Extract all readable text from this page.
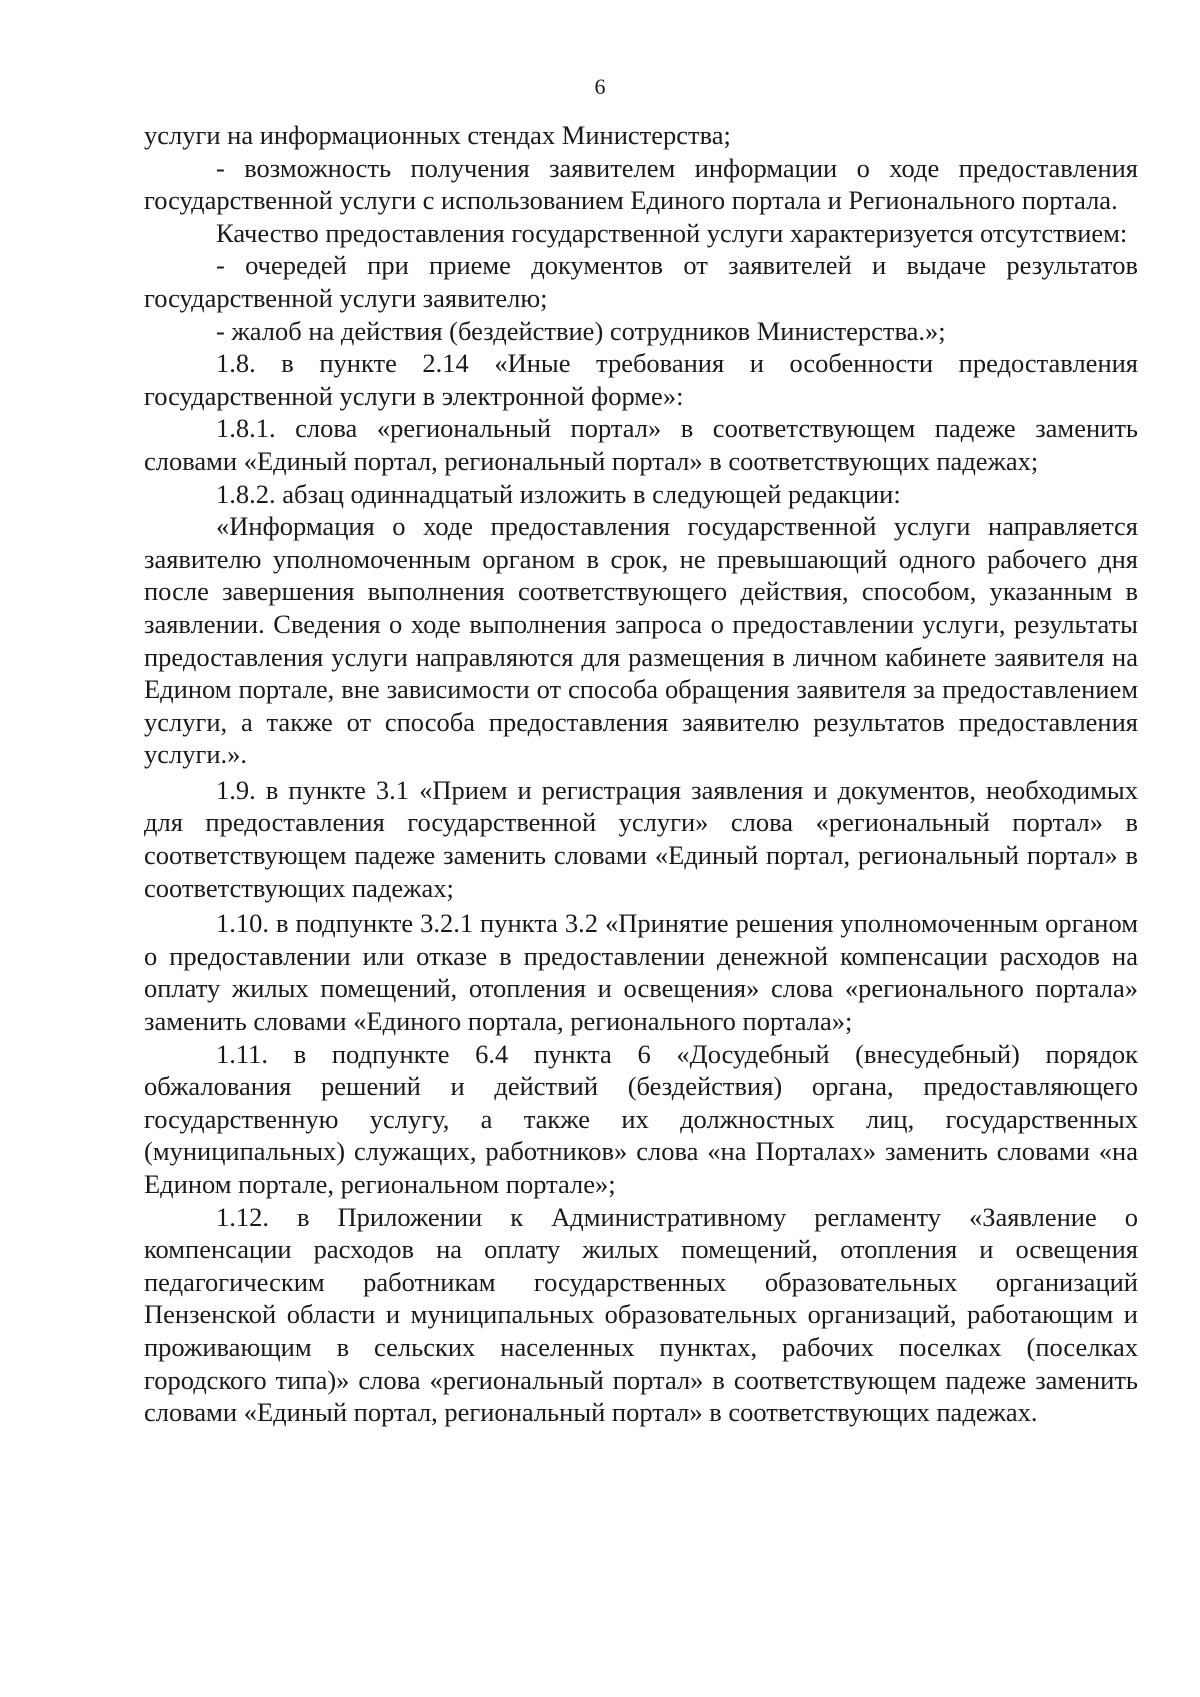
6

услуги на информационных стендах Министерства;

- возможность получения заявителем информации о ходе предоставления государственной услуги с использованием Единого портала и Регионального портала.

Качество предоставления государственной услуги характеризуется отсутствием:

- очередей при приеме документов от заявителей и выдаче результатов государственной услуги заявителю;

- жалоб на действия (бездействие) сотрудников Министерства.»;

1.8. в пункте 2.14 «Иные требования и особенности предоставления государственной услуги в электронной форме»:

1.8.1. слова «региональный портал» в соответствующем падеже заменить словами «Единый портал, региональный портал» в соответствующих падежах;

1.8.2. абзац одиннадцатый изложить в следующей редакции:

«Информация о ходе предоставления государственной услуги направляется заявителю уполномоченным органом в срок, не превышающий одного рабочего дня после завершения выполнения соответствующего действия, способом, указанным в заявлении. Сведения о ходе выполнения запроса о предоставлении услуги, результаты предоставления услуги направляются для размещения в личном кабинете заявителя на Едином портале, вне зависимости от способа обращения заявителя за предоставлением услуги, а также от способа предоставления заявителю результатов предоставления услуги.».

1.9. в пункте 3.1 «Прием и регистрация заявления и документов, необходимых для предоставления государственной услуги» слова «региональный портал» в соответствующем падеже заменить словами «Единый портал, региональный портал» в соответствующих падежах;

1.10. в подпункте 3.2.1 пункта 3.2 «Принятие решения уполномоченным органом о предоставлении или отказе в предоставлении денежной компенсации расходов на оплату жилых помещений, отопления и освещения» слова «регионального портала» заменить словами «Единого портала, регионального портала»;

1.11. в подпункте 6.4 пункта 6 «Досудебный (внесудебный) порядок обжалования решений и действий (бездействия) органа, предоставляющего государственную услугу, а также их должностных лиц, государственных (муниципальных) служащих, работников» слова «на Порталах» заменить словами «на Едином портале, региональном портале»;

1.12. в Приложении к Административному регламенту «Заявление о компенсации расходов на оплату жилых помещений, отопления и освещения педагогическим работникам государственных образовательных организаций Пензенской области и муниципальных образовательных организаций, работающим и проживающим в сельских населенных пунктах, рабочих поселках (поселках городского типа)» слова «региональный портал» в соответствующем падеже заменить словами «Единый портал, региональный портал» в соответствующих падежах.
